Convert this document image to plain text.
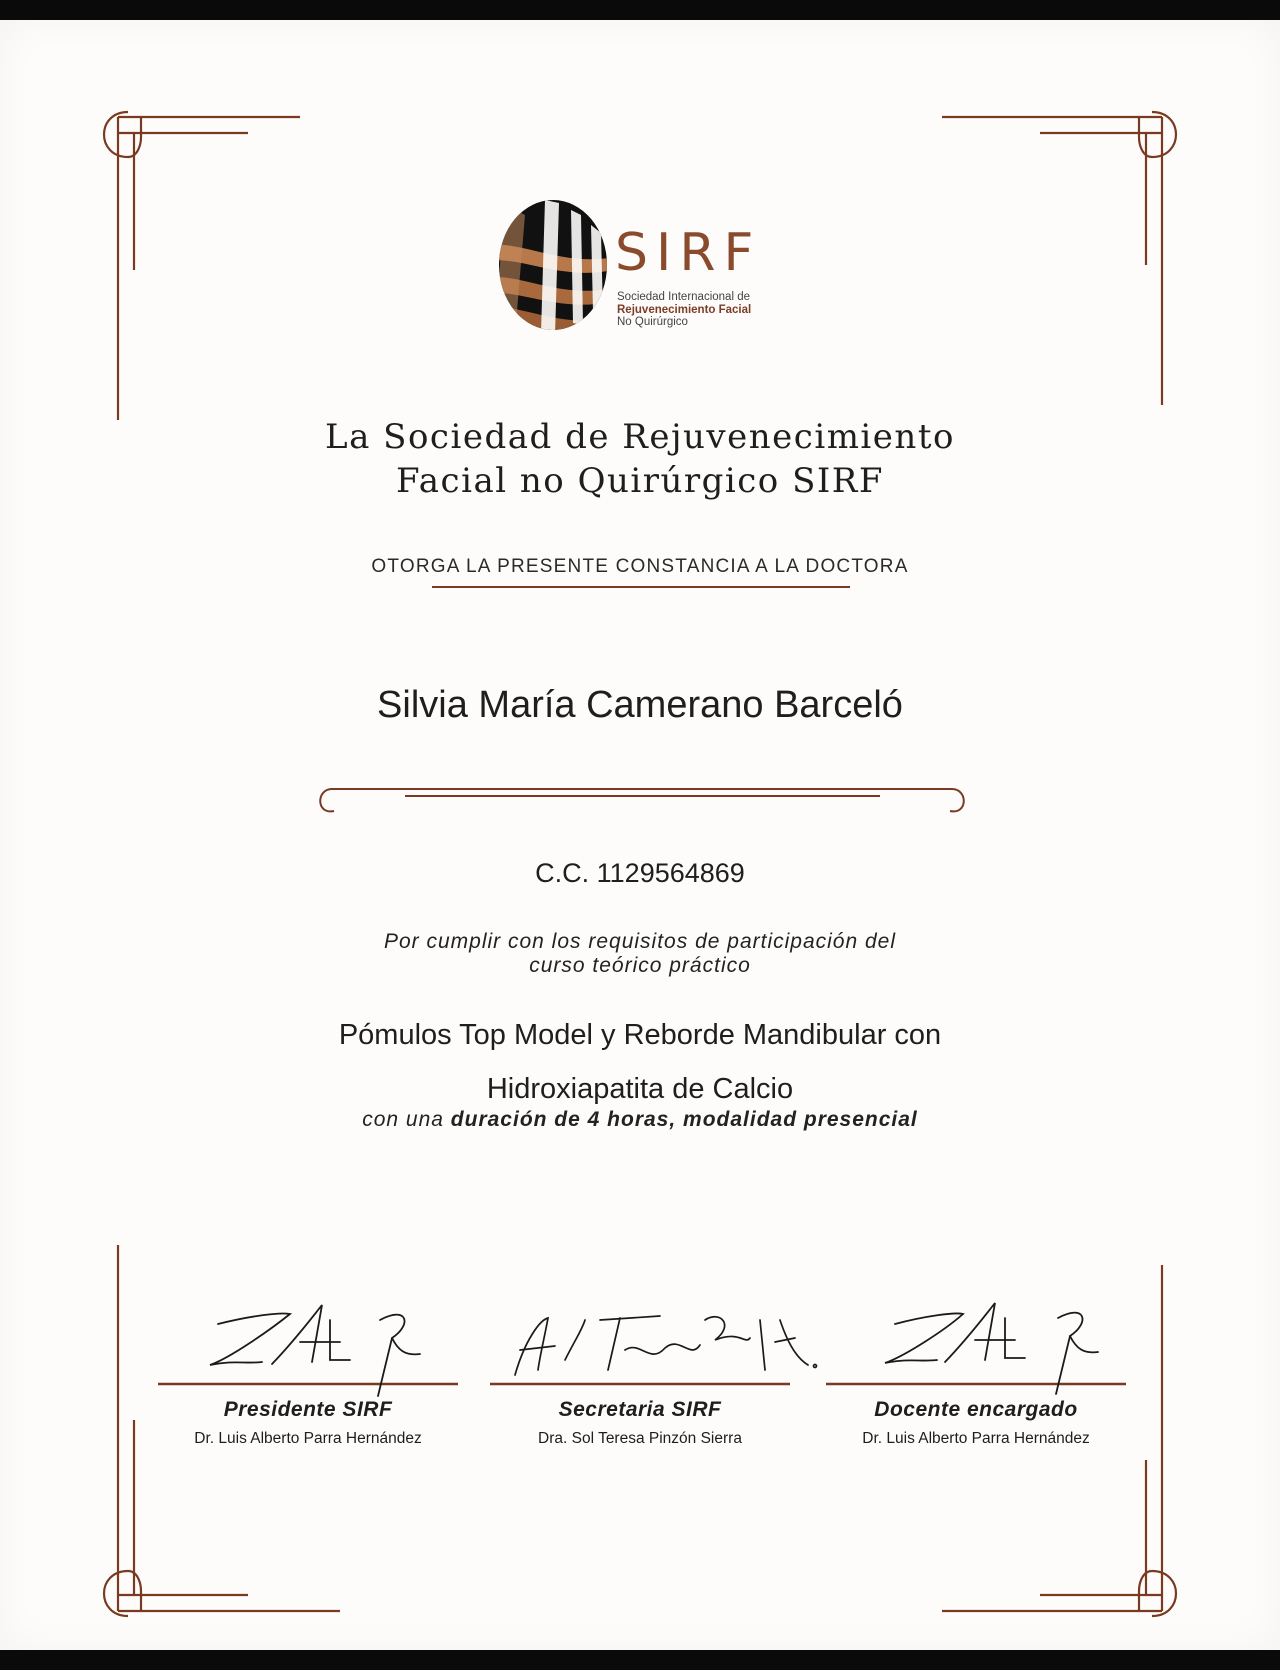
SIRF
Sociedad Internacional de
Rejuvenecimiento Facial
No Quirúrgico
La Sociedad de Rejuvenecimiento
Facial no Quirúrgico SIRF
OTORGA LA PRESENTE CONSTANCIA A LA DOCTORA
Silvia María Camerano Barceló
C.C. 1129564869
Por cumplir con los requisitos de participación del
curso teórico práctico
Pómulos Top Model y Reborde Mandibular con
Hidroxiapatita de Calcio
con una duración de 4 horas, modalidad presencial
Presidente SIRF
Dr. Luis Alberto Parra Hernández
Secretaria SIRF
Dra. Sol Teresa Pinzón Sierra
Docente encargado
Dr. Luis Alberto Parra Hernández
